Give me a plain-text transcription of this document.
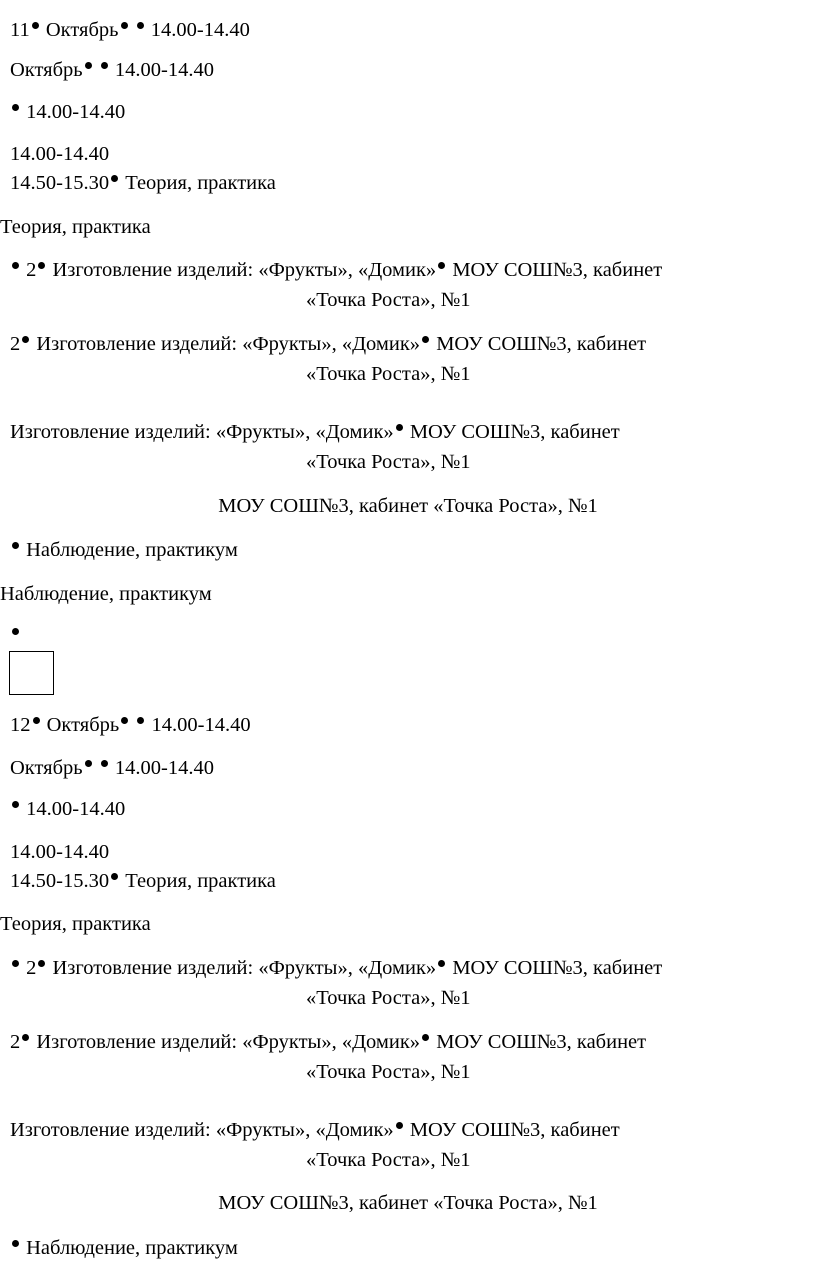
11 Октябрь 14.00-14.40
Октябрь 14.00-14.40
14.00-14.40
14.00-14.40
14.50-15.30 Теория, практика
Теория, практика
2 Изготовление изделий: «Фрукты», «Домик» МОУ СОШ№3, кабинет
«Точка Роста», №1
2 Изготовление изделий: «Фрукты», «Домик» МОУ СОШ№3, кабинет
«Точка Роста», №1
Изготовление изделий: «Фрукты», «Домик» МОУ СОШ№3, кабинет
«Точка Роста», №1
МОУ СОШ№3, кабинет «Точка Роста», №1
Наблюдение, практикум
Наблюдение, практикум
12 Октябрь 14.00-14.40
Октябрь 14.00-14.40
14.00-14.40
14.00-14.40
14.50-15.30 Теория, практика
Теория, практика
2 Изготовление изделий: «Фрукты», «Домик» МОУ СОШ№3, кабинет
«Точка Роста», №1
2 Изготовление изделий: «Фрукты», «Домик» МОУ СОШ№3, кабинет
«Точка Роста», №1
Изготовление изделий: «Фрукты», «Домик» МОУ СОШ№3, кабинет
«Точка Роста», №1
МОУ СОШ№3, кабинет «Точка Роста», №1
Наблюдение, практикум
